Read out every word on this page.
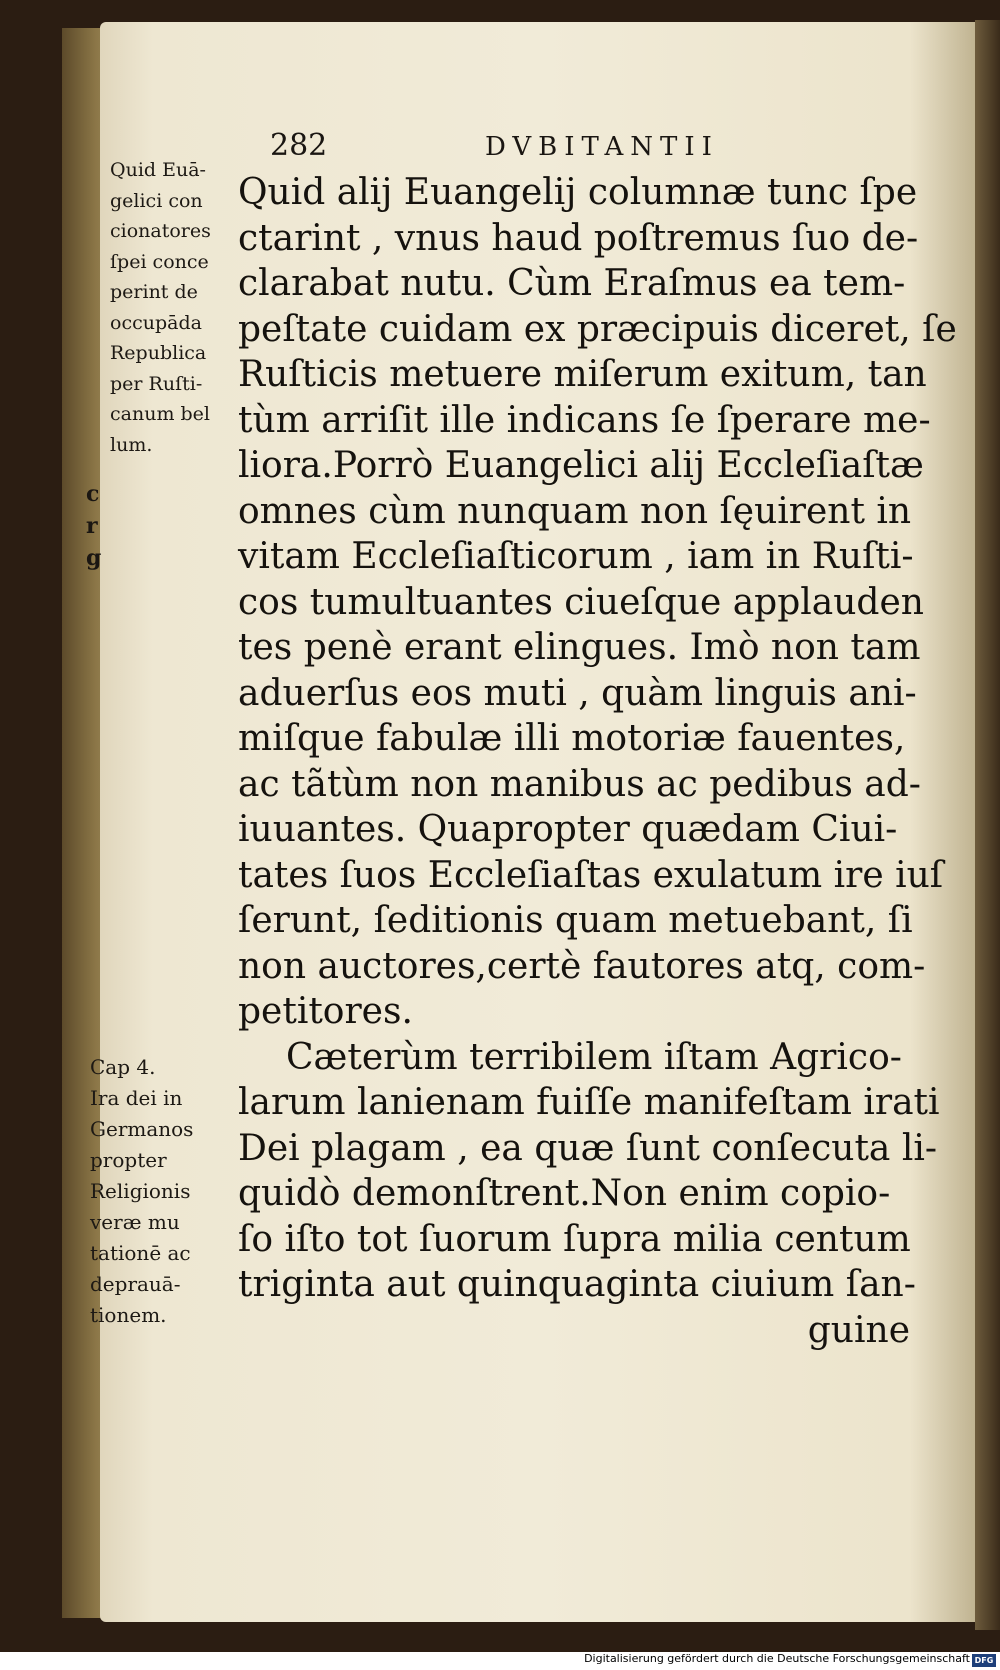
282	DVBITANTII
Quid Euā-
gelici con
cionatores
ſpei conce
perint de
occupāda
Republica
per Ruſti-
canum bel
lum.
c
r
g
Quid alij Euangelij columnæ tunc ſpe
ctarint , vnus haud poſtremus ſuo de-
clarabat nutu. Cùm Eraſmus ea tem-
peſtate cuidam ex præcipuis diceret, ſe
Ruſticis metuere miſerum exitum, tan
tùm arriſit ille indicans ſe ſperare me-
liora.Porrò Euangelici alij Eccleſiaſtæ
omnes cùm nunquam non ſęuirent in
vitam Eccleſiaſticorum , iam in Ruſti-
cos tumultuantes ciueſque applauden
tes penè erant elingues. Imò non tam
aduerſus eos muti , quàm linguis ani-
miſque fabulæ illi motoriæ fauentes,
ac tãtùm non manibus ac pedibus ad-
iuuantes. Quapropter quædam Ciui-
tates ſuos Eccleſiaſtas exulatum ire iuſ
ſerunt, ſeditionis quam metuebant, ſi
non auctores,certè fautores atq, com-
petitores.
Cæterùm terribilem iſtam Agrico-
larum lanienam fuiſſe manifeſtam irati
Dei plagam , ea quæ ſunt conſecuta li-
quidò demonſtrent.Non enim copio-
ſo iſto tot ſuorum ſupra milia centum
triginta aut quinquaginta ciuium ſan-
guine
Cap 4.
Ira dei in
Germanos
propter
Religionis
veræ mu
tationē ac
deprauā-
tionem.
Digitalisierung gefördert durch die Deutsche Forschungsgemeinschaft DFG
